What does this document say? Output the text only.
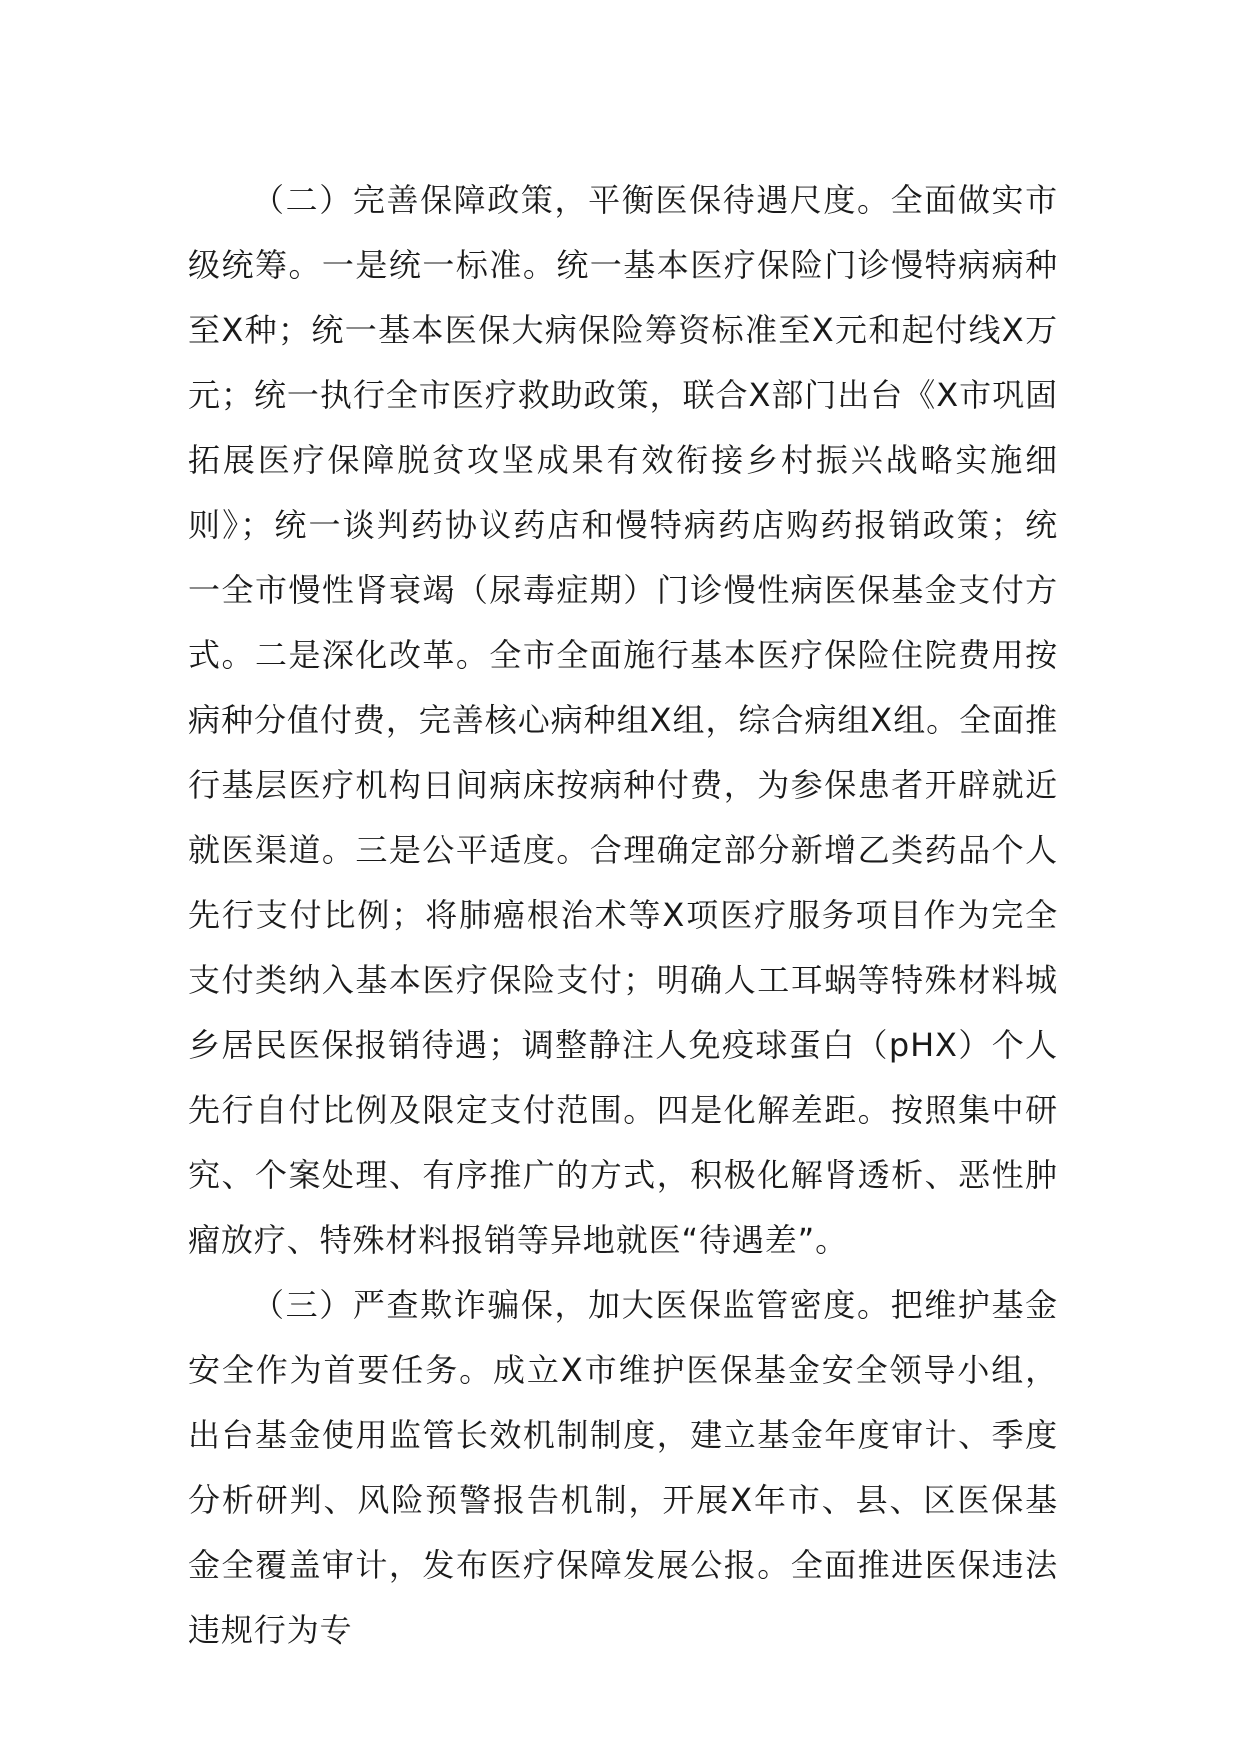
（二）完善保障政策，平衡医保待遇尺度。全面做实市级统筹。一是统一标准。统一基本医疗保险门诊慢特病病种至X种；统一基本医保大病保险筹资标准至X元和起付线X万元；统一执行全市医疗救助政策，联合X部门出台《X市巩固拓展医疗保障脱贫攻坚成果有效衔接乡村振兴战略实施细则》；统一谈判药协议药店和慢特病药店购药报销政策；统一全市慢性肾衰竭（尿毒症期）门诊慢性病医保基金支付方式。二是深化改革。全市全面施行基本医疗保险住院费用按病种分值付费，完善核心病种组X组，综合病组X组。全面推行基层医疗机构日间病床按病种付费，为参保患者开辟就近就医渠道。三是公平适度。合理确定部分新增乙类药品个人先行支付比例；将肺癌根治术等X项医疗服务项目作为完全支付类纳入基本医疗保险支付；明确人工耳蜗等特殊材料城乡居民医保报销待遇；调整静注人免疫球蛋白（pHX）个人先行自付比例及限定支付范围。四是化解差距。按照集中研究、个案处理、有序推广的方式，积极化解肾透析、恶性肿瘤放疗、特殊材料报销等异地就医“待遇差”。

（三）严查欺诈骗保，加大医保监管密度。把维护基金安全作为首要任务。成立X市维护医保基金安全领导小组，出台基金使用监管长效机制制度，建立基金年度审计、季度分析研判、风险预警报告机制，开展X年市、县、区医保基金全覆盖审计，发布医疗保障发展公报。全面推进医保违法违规行为专
